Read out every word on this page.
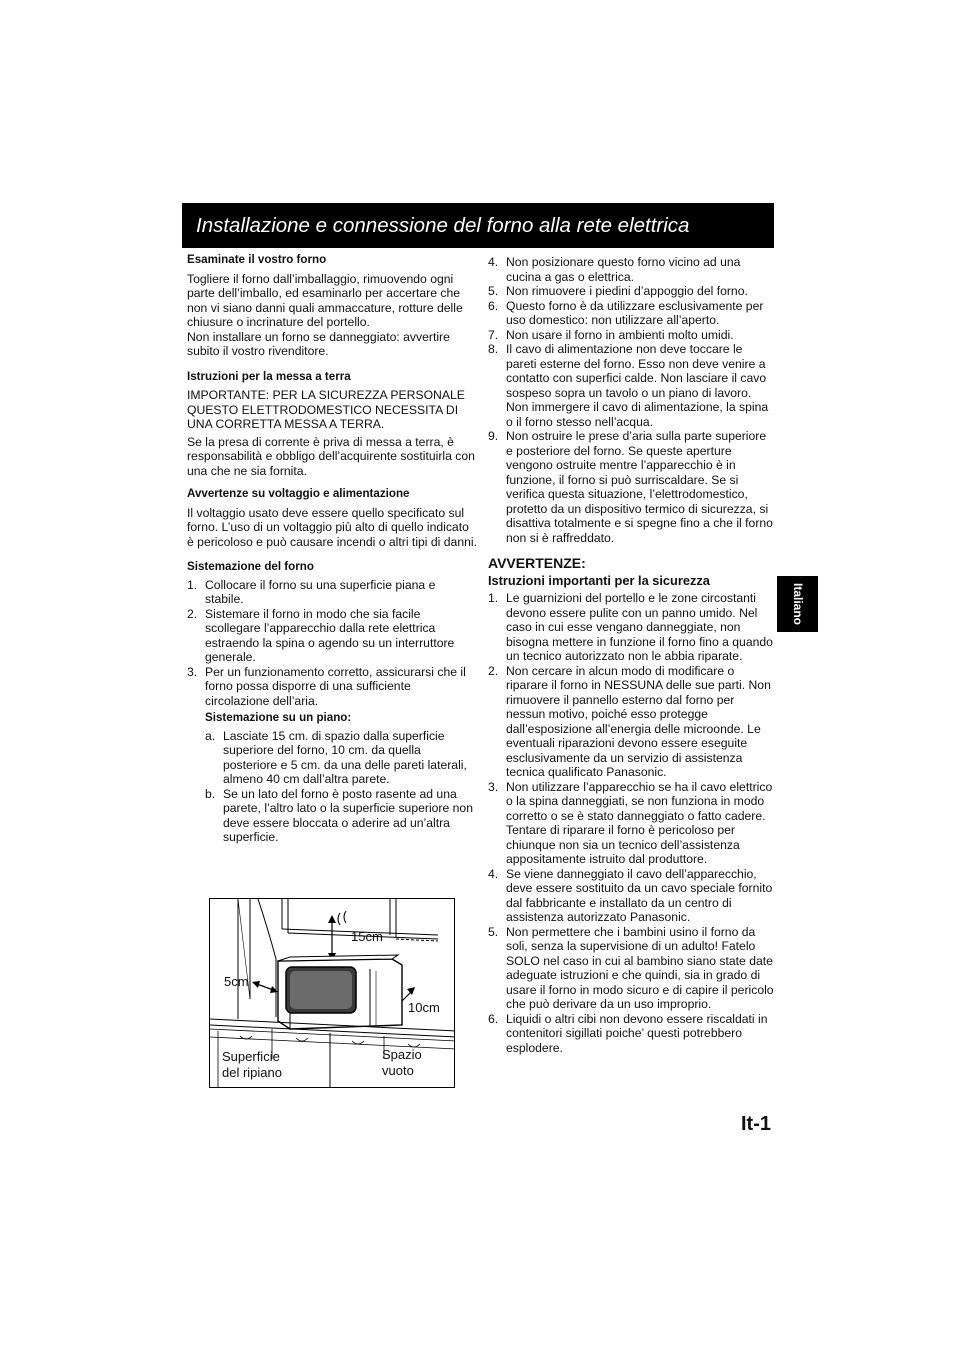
Installazione e connessione del forno alla rete elettrica
Esaminate il vostro forno
Togliere il forno dall’imballaggio, rimuovendo ogni parte dell’imballo, ed esaminarlo per accertare che non vi siano danni quali ammaccature, rotture delle chiusure o incrinature del portello.
Non installare un forno se danneggiato: avvertire subito il vostro rivenditore.
Istruzioni per la messa a terra
IMPORTANTE: PER LA SICUREZZA PERSONALE QUESTO ELETTRODOMESTICO NECESSITA DI UNA CORRETTA MESSA A TERRA.
Se la presa di corrente è priva di messa a terra, è responsabilità e obbligo dell’acquirente sostituirla con una che ne sia fornita.
Avvertenze su voltaggio e alimentazione
Il voltaggio usato deve essere quello specificato sul forno. L’uso di un voltaggio più alto di quello indicato è pericoloso e può causare incendi o altri tipi di danni.
Sistemazione del forno
1. Collocare il forno su una superficie piana e stabile.
2. Sistemare il forno in modo che sia facile scollegare l’apparecchio dalla rete elettrica estraendo la spina o agendo su un interruttore generale.
3. Per un funzionamento corretto, assicurarsi che il forno possa disporre di una sufficiente circolazione dell’aria.
Sistemazione su un piano:
a. Lasciate 15 cm. di spazio dalla superficie superiore del forno, 10 cm. da quella posteriore e 5 cm. da una delle pareti laterali, almeno 40 cm dall’altra parete.
b. Se un lato del forno è posto rasente ad una parete, l’altro lato o la superficie superiore non deve essere bloccata o aderire ad un’altra superficie.
15cm
5cm
10cm
Superficie
del ripiano
Spazio
vuoto
4. Non posizionare questo forno vicino ad una cucina a gas o elettrica.
5. Non rimuovere i piedini d’appoggio del forno.
6. Questo forno è da utilizzare esclusivamente per uso domestico: non utilizzare all’aperto.
7. Non usare il forno in ambienti molto umidi.
8. Il cavo di alimentazione non deve toccare le pareti esterne del forno. Esso non deve venire a contatto con superfici calde. Non lasciare il cavo sospeso sopra un tavolo o un piano di lavoro.
Non immergere il cavo di alimentazione, la spina o il forno stesso nell’acqua.
9. Non ostruire le prese d’aria sulla parte superiore e posteriore del forno. Se queste aperture vengono ostruite mentre l’apparecchio è in funzione, il forno si può surriscaldare. Se si verifica questa situazione, l’elettrodomestico, protetto da un dispositivo termico di sicurezza, si disattiva totalmente e si spegne fino a che il forno non si è raffreddato.
AVVERTENZE:
Istruzioni importanti per la sicurezza
1. Le guarnizioni del portello e le zone circostanti devono essere pulite con un panno umido. Nel caso in cui esse vengano danneggiate, non bisogna mettere in funzione il forno fino a quando un tecnico autorizzato non le abbia riparate.
2. Non cercare in alcun modo di modificare o riparare il forno in NESSUNA delle sue parti. Non rimuovere il pannello esterno dal forno per nessun motivo, poiché esso protegge dall’esposizione all’energia delle microonde. Le eventuali riparazioni devono essere eseguite esclusivamente da un servizio di assistenza tecnica qualificato Panasonic.
3. Non utilizzare l’apparecchio se ha il cavo elettrico o la spina danneggiati, se non funziona in modo corretto o se è stato danneggiato o fatto cadere. Tentare di riparare il forno è pericoloso per chiunque non sia un tecnico dell’assistenza appositamente istruito dal produttore.
4. Se viene danneggiato il cavo dell’apparecchio, deve essere sostituito da un cavo speciale fornito dal fabbricante e installato da un centro di assistenza autorizzato Panasonic.
5. Non permettere che i bambini usino il forno da soli, senza la supervisione di un adulto! Fatelo SOLO nel caso in cui al bambino siano state date adeguate istruzioni e che quindi, sia in grado di usare il forno in modo sicuro e di capire il pericolo che può derivare da un uso improprio.
6. Liquidi o altri cibi non devono essere riscaldati in contenitori sigillati poiche’ questi potrebbero esplodere.
Italiano
It-1
